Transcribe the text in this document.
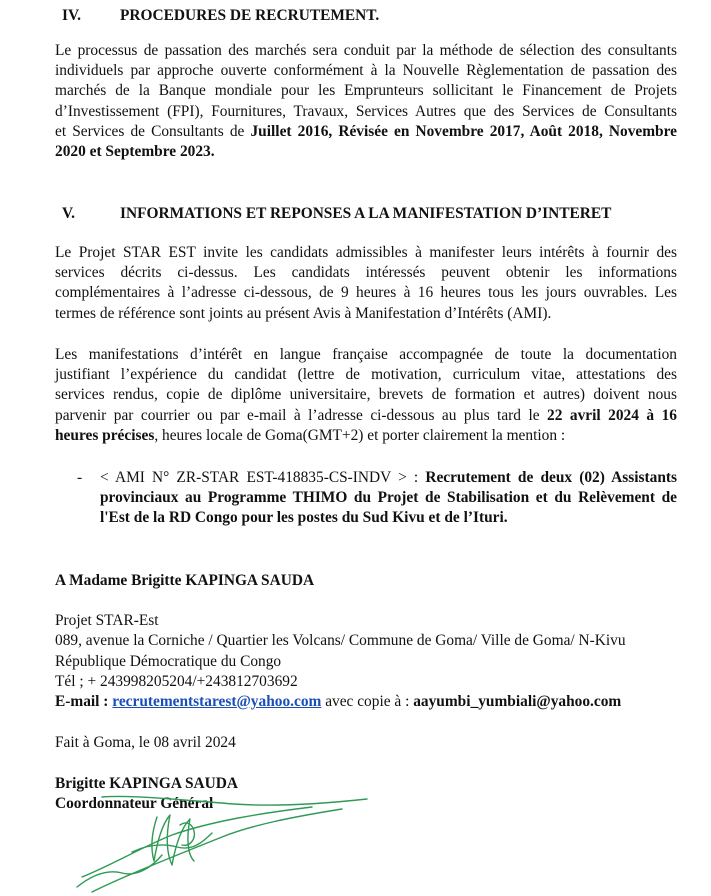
IV.	PROCEDURES DE RECRUTEMENT.
Le processus de passation des marchés sera conduit par la méthode de sélection des consultants
individuels par approche ouverte conformément à la Nouvelle Règlementation de passation des
marchés de la Banque mondiale pour les Emprunteurs sollicitant le Financement de Projets
d’Investissement (FPI), Fournitures, Travaux, Services Autres que des Services de Consultants
et Services de Consultants de Juillet 2016, Révisée en Novembre 2017, Août 2018, Novembre
2020 et Septembre 2023.
V.	INFORMATIONS ET REPONSES A LA MANIFESTATION D’INTERET
Le Projet STAR EST invite les candidats admissibles à manifester leurs intérêts à fournir des
services décrits ci-dessus. Les candidats intéressés peuvent obtenir les informations
complémentaires à l’adresse ci-dessous, de 9 heures à 16 heures tous les jours ouvrables. Les
termes de référence sont joints au présent Avis à Manifestation d’Intérêts (AMI).
Les manifestations d’intérêt en langue française accompagnée de toute la documentation
justifiant l’expérience du candidat (lettre de motivation, curriculum vitae, attestations des
services rendus, copie de diplôme universitaire, brevets de formation et autres) doivent nous
parvenir par courrier ou par e-mail à l’adresse ci-dessous au plus tard le 22 avril 2024 à 16
heures précises, heures locale de Goma(GMT+2) et porter clairement la mention :
- < AMI N° ZR-STAR EST-418835-CS-INDV > : Recrutement de deux (02) Assistants
provinciaux au Programme THIMO du Projet de Stabilisation et du Relèvement de
l'Est de la RD Congo pour les postes du Sud Kivu et de l’Ituri.

A Madame Brigitte KAPINGA SAUDA

Projet STAR-Est

089, avenue la Corniche / Quartier les Volcans/ Commune de Goma/ Ville de Goma/ N-Kivu

République Démocratique du Congo

Tél ; + 243998205204/+243812703692

E-mail : recrutementstarest@yahoo.com avec copie à : aayumbi_yumbiali@yahoo.com

Fait à Goma, le 08 avril 2024

Brigitte KAPINGA SAUDA

Coordonnateur Général
